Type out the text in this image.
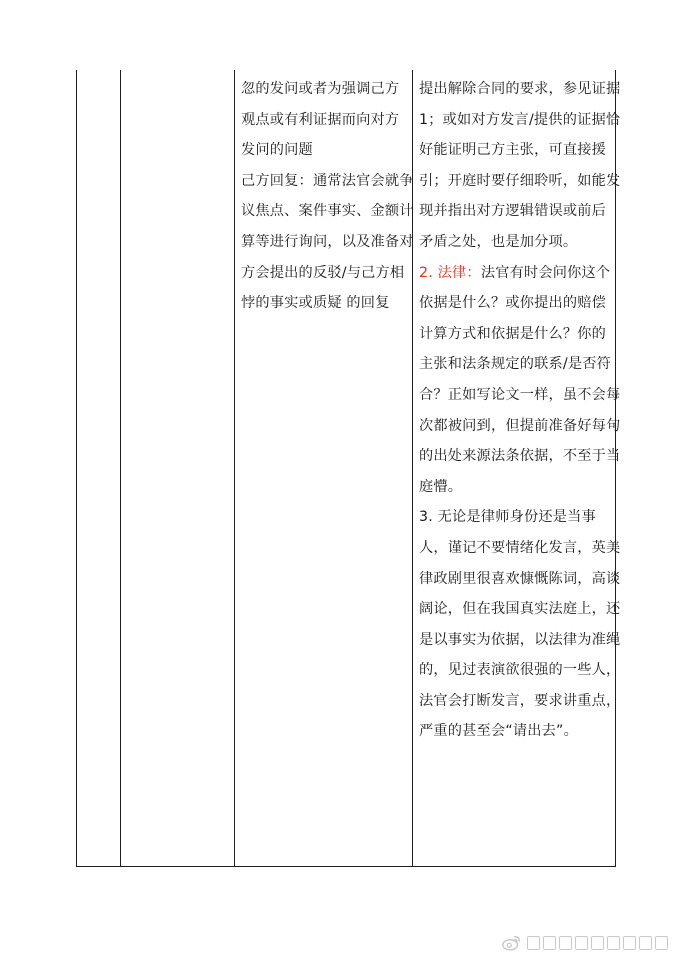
忽的发问或者为强调己方

观点或有利证据而向对方

发问的问题

己方回复：通常法官会就争

议焦点、案件事实、金额计

算等进行询问，以及准备对

方会提出的反驳/与己方相

悖的事实或质疑 的回复

提出解除合同的要求，参见证据

1；或如对方发言/提供的证据恰

好能证明己方主张，可直接援

引；开庭时要仔细聆听，如能发

现并指出对方逻辑错误或前后

矛盾之处，也是加分项。

2. 法律：法官有时会问你这个

依据是什么？或你提出的赔偿

计算方式和依据是什么？你的

主张和法条规定的联系/是否符

合？正如写论文一样，虽不会每

次都被问到，但提前准备好每句

的出处来源法条依据，不至于当

庭懵。

3. 无论是律师身份还是当事

人，谨记不要情绪化发言，英美

律政剧里很喜欢慷慨陈词，高谈

阔论，但在我国真实法庭上，还

是以事实为依据，以法律为准绳

的，见过表演欲很强的一些人，

法官会打断发言，要求讲重点，

严重的甚至会“请出去”。
